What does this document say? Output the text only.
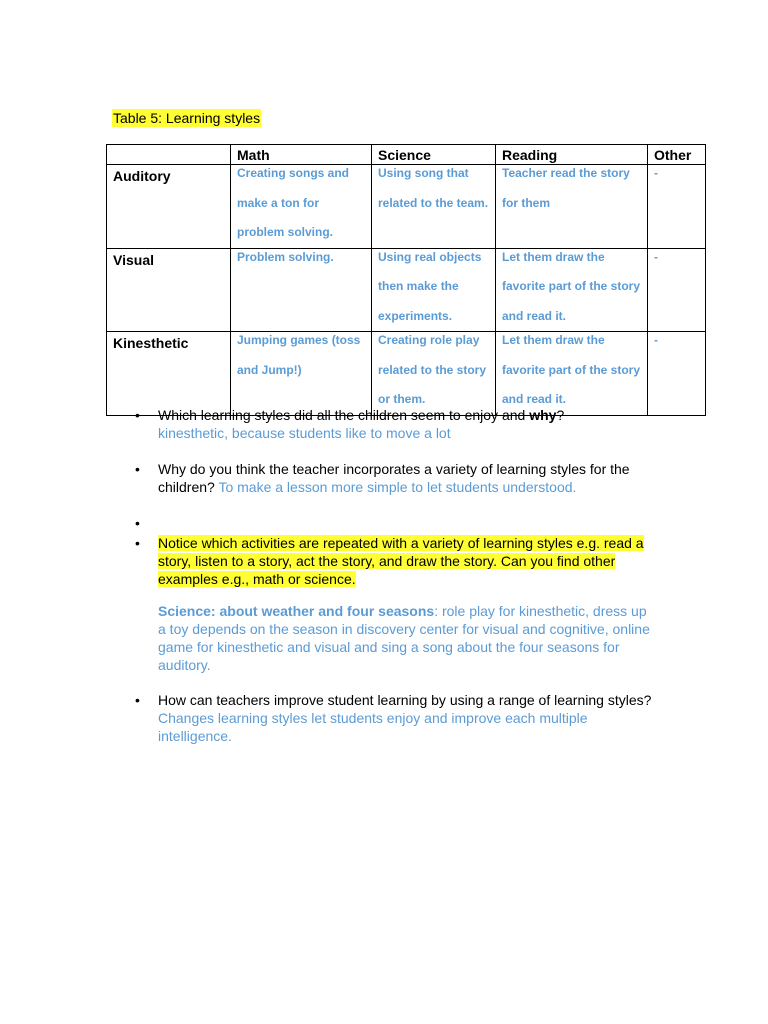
Table 5: Learning styles
	Math	Science	Reading	Other
Auditory	Creating songs and make a ton for problem solving.	Using song that related to the team.	Teacher read the story for them	-

Visual	Problem solving.	Using real objects then make the experiments.	Let them draw the favorite part of the story and read it.	-

Kinesthetic	Jumping games (toss and Jump!)	Creating role play related to the story or them.	Let them draw the favorite part of the story and read it.	-
•	Which learning styles did all the children seem to enjoy and why?
kinesthetic, because students like to move a lot
•	Why do you think the teacher incorporates a variety of learning styles for the children? To make a lesson more simple to let students understood.
•

•	Notice which activities are repeated with a variety of learning styles e.g. read a story, listen to a story, act the story, and draw the story. Can you find other examples e.g., math or science.
Science: about weather and four seasons: role play for kinesthetic, dress up a toy depends on the season in discovery center for visual and cognitive, online game for kinesthetic and visual and sing a song about the four seasons for auditory.
•	How can teachers improve student learning by using a range of learning styles? Changes learning styles let students enjoy and improve each multiple intelligence.
